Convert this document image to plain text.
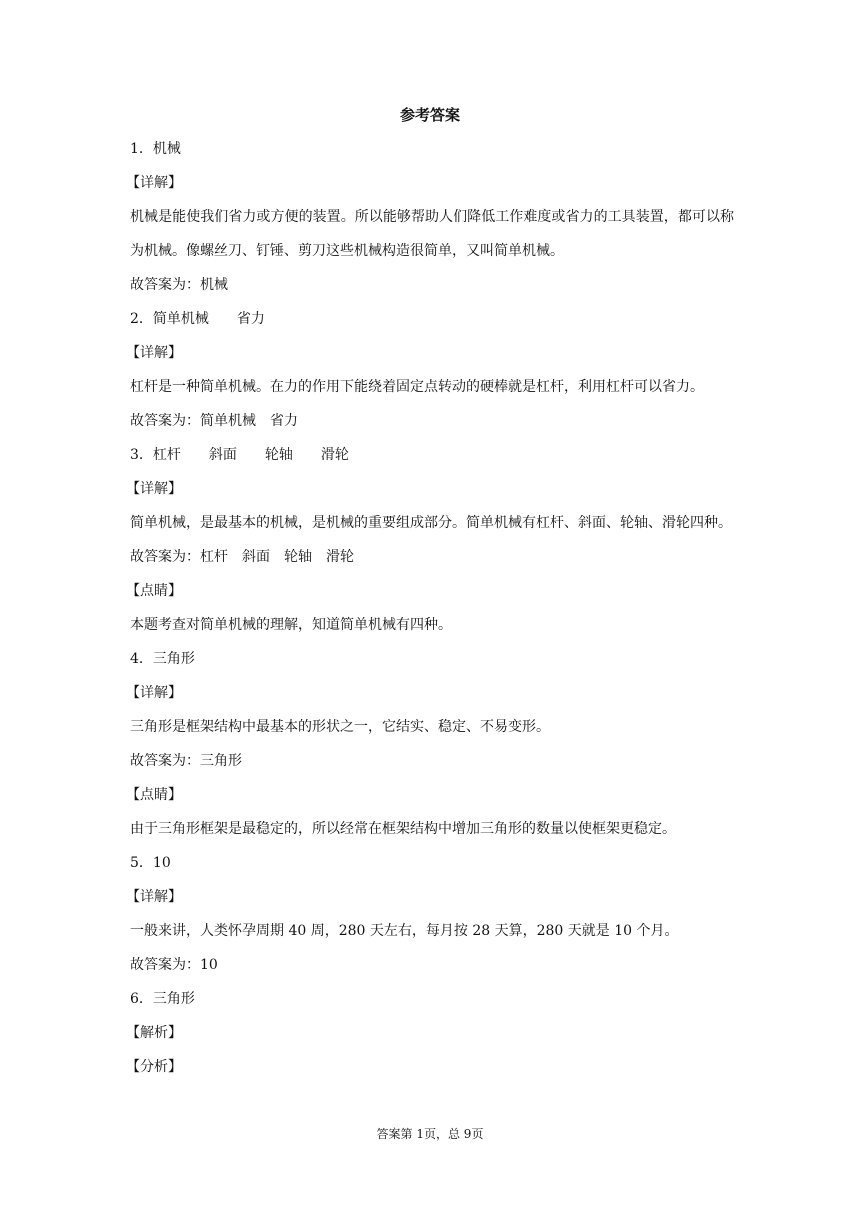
参考答案
1．机械
【详解】
机械是能使我们省力或方便的装置。所以能够帮助人们降低工作难度或省力的工具装置，都可以称为机械。像螺丝刀、钉锤、剪刀这些机械构造很简单，又叫简单机械。
故答案为：机械
2．简单机械　　省力
【详解】
杠杆是一种简单机械。在力的作用下能绕着固定点转动的硬棒就是杠杆，利用杠杆可以省力。
故答案为：简单机械　省力
3．杠杆　　斜面　　轮轴　　滑轮
【详解】
简单机械，是最基本的机械，是机械的重要组成部分。简单机械有杠杆、斜面、轮轴、滑轮四种。
故答案为：杠杆　斜面　轮轴　滑轮
【点睛】
本题考查对简单机械的理解，知道简单机械有四种。
4．三角形
【详解】
三角形是框架结构中最基本的形状之一，它结实、稳定、不易变形。
故答案为：三角形
【点睛】
由于三角形框架是最稳定的，所以经常在框架结构中增加三角形的数量以使框架更稳定。
5．10
【详解】
一般来讲，人类怀孕周期 40 周，280 天左右，每月按 28 天算，280 天就是 10 个月。
故答案为：10
6．三角形
【解析】
【分析】
答案第 1页，总 9页
